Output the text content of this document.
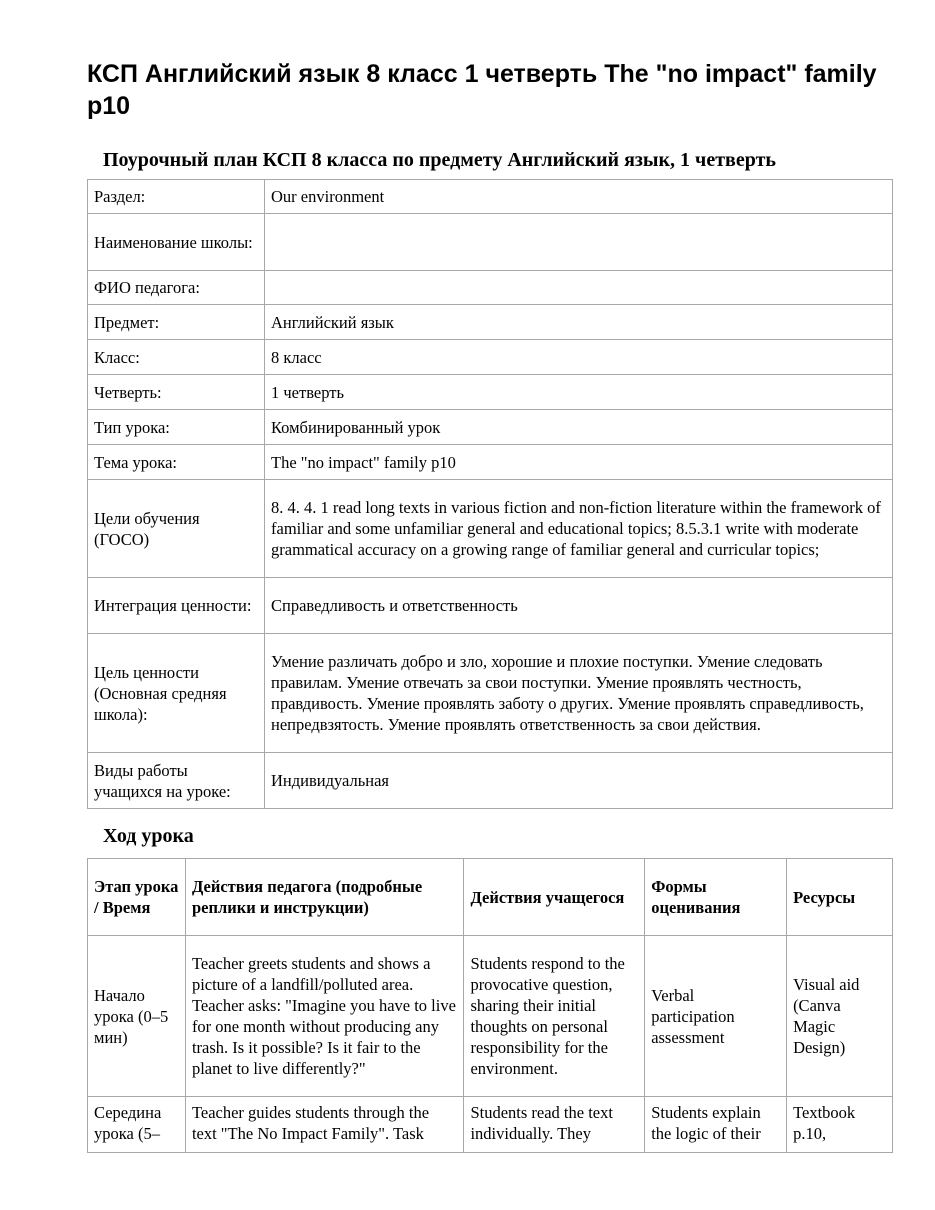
КСП Английский язык 8 класс 1 четверть The "no impact" family p10
Поурочный план КСП 8 класса по предмету Английский язык, 1 четверть
Раздел:	Our environment
Наименование школы:	
ФИО педагога:	
Предмет:	Английский язык
Класс:	8 класс
Четверть:	1 четверть
Тип урока:	Комбинированный урок
Тема урока:	The "no impact" family p10
Цели обучения (ГОСО)	8. 4. 4. 1 read long texts in various fiction and non-fiction literature within the framework of familiar and some unfamiliar general and educational topics; 8.5.3.1 write with moderate grammatical accuracy on a growing range of familiar general and curricular topics;
Интеграция ценности:	Справедливость и ответственность
Цель ценности (Основная средняя школа):	Умение различать добро и зло, хорошие и плохие поступки. Умение следовать правилам. Умение отвечать за свои поступки. Умение проявлять честность, правдивость. Умение проявлять заботу о других. Умение проявлять справедливость, непредвзятость. Умение проявлять ответственность за свои действия.
Виды работы учащихся на уроке:	Индивидуальная
Ход урока
Этап урока / Время	Действия педагога (подробные реплики и инструкции)	Действия учащегося	Формы оценивания	Ресурсы
Начало урока (0–5 мин)	Teacher greets students and shows a picture of a landfill/polluted area. Teacher asks: "Imagine you have to live for one month without producing any trash. Is it possible? Is it fair to the planet to live differently?"	Students respond to the provocative question, sharing their initial thoughts on personal responsibility for the environment.	Verbal participation assessment	Visual aid (Canva Magic Design)
Середина урока (5–	Teacher guides students through the text "The No Impact Family". Task	Students read the text individually. They	Students explain the logic of their	Textbook p.10,
